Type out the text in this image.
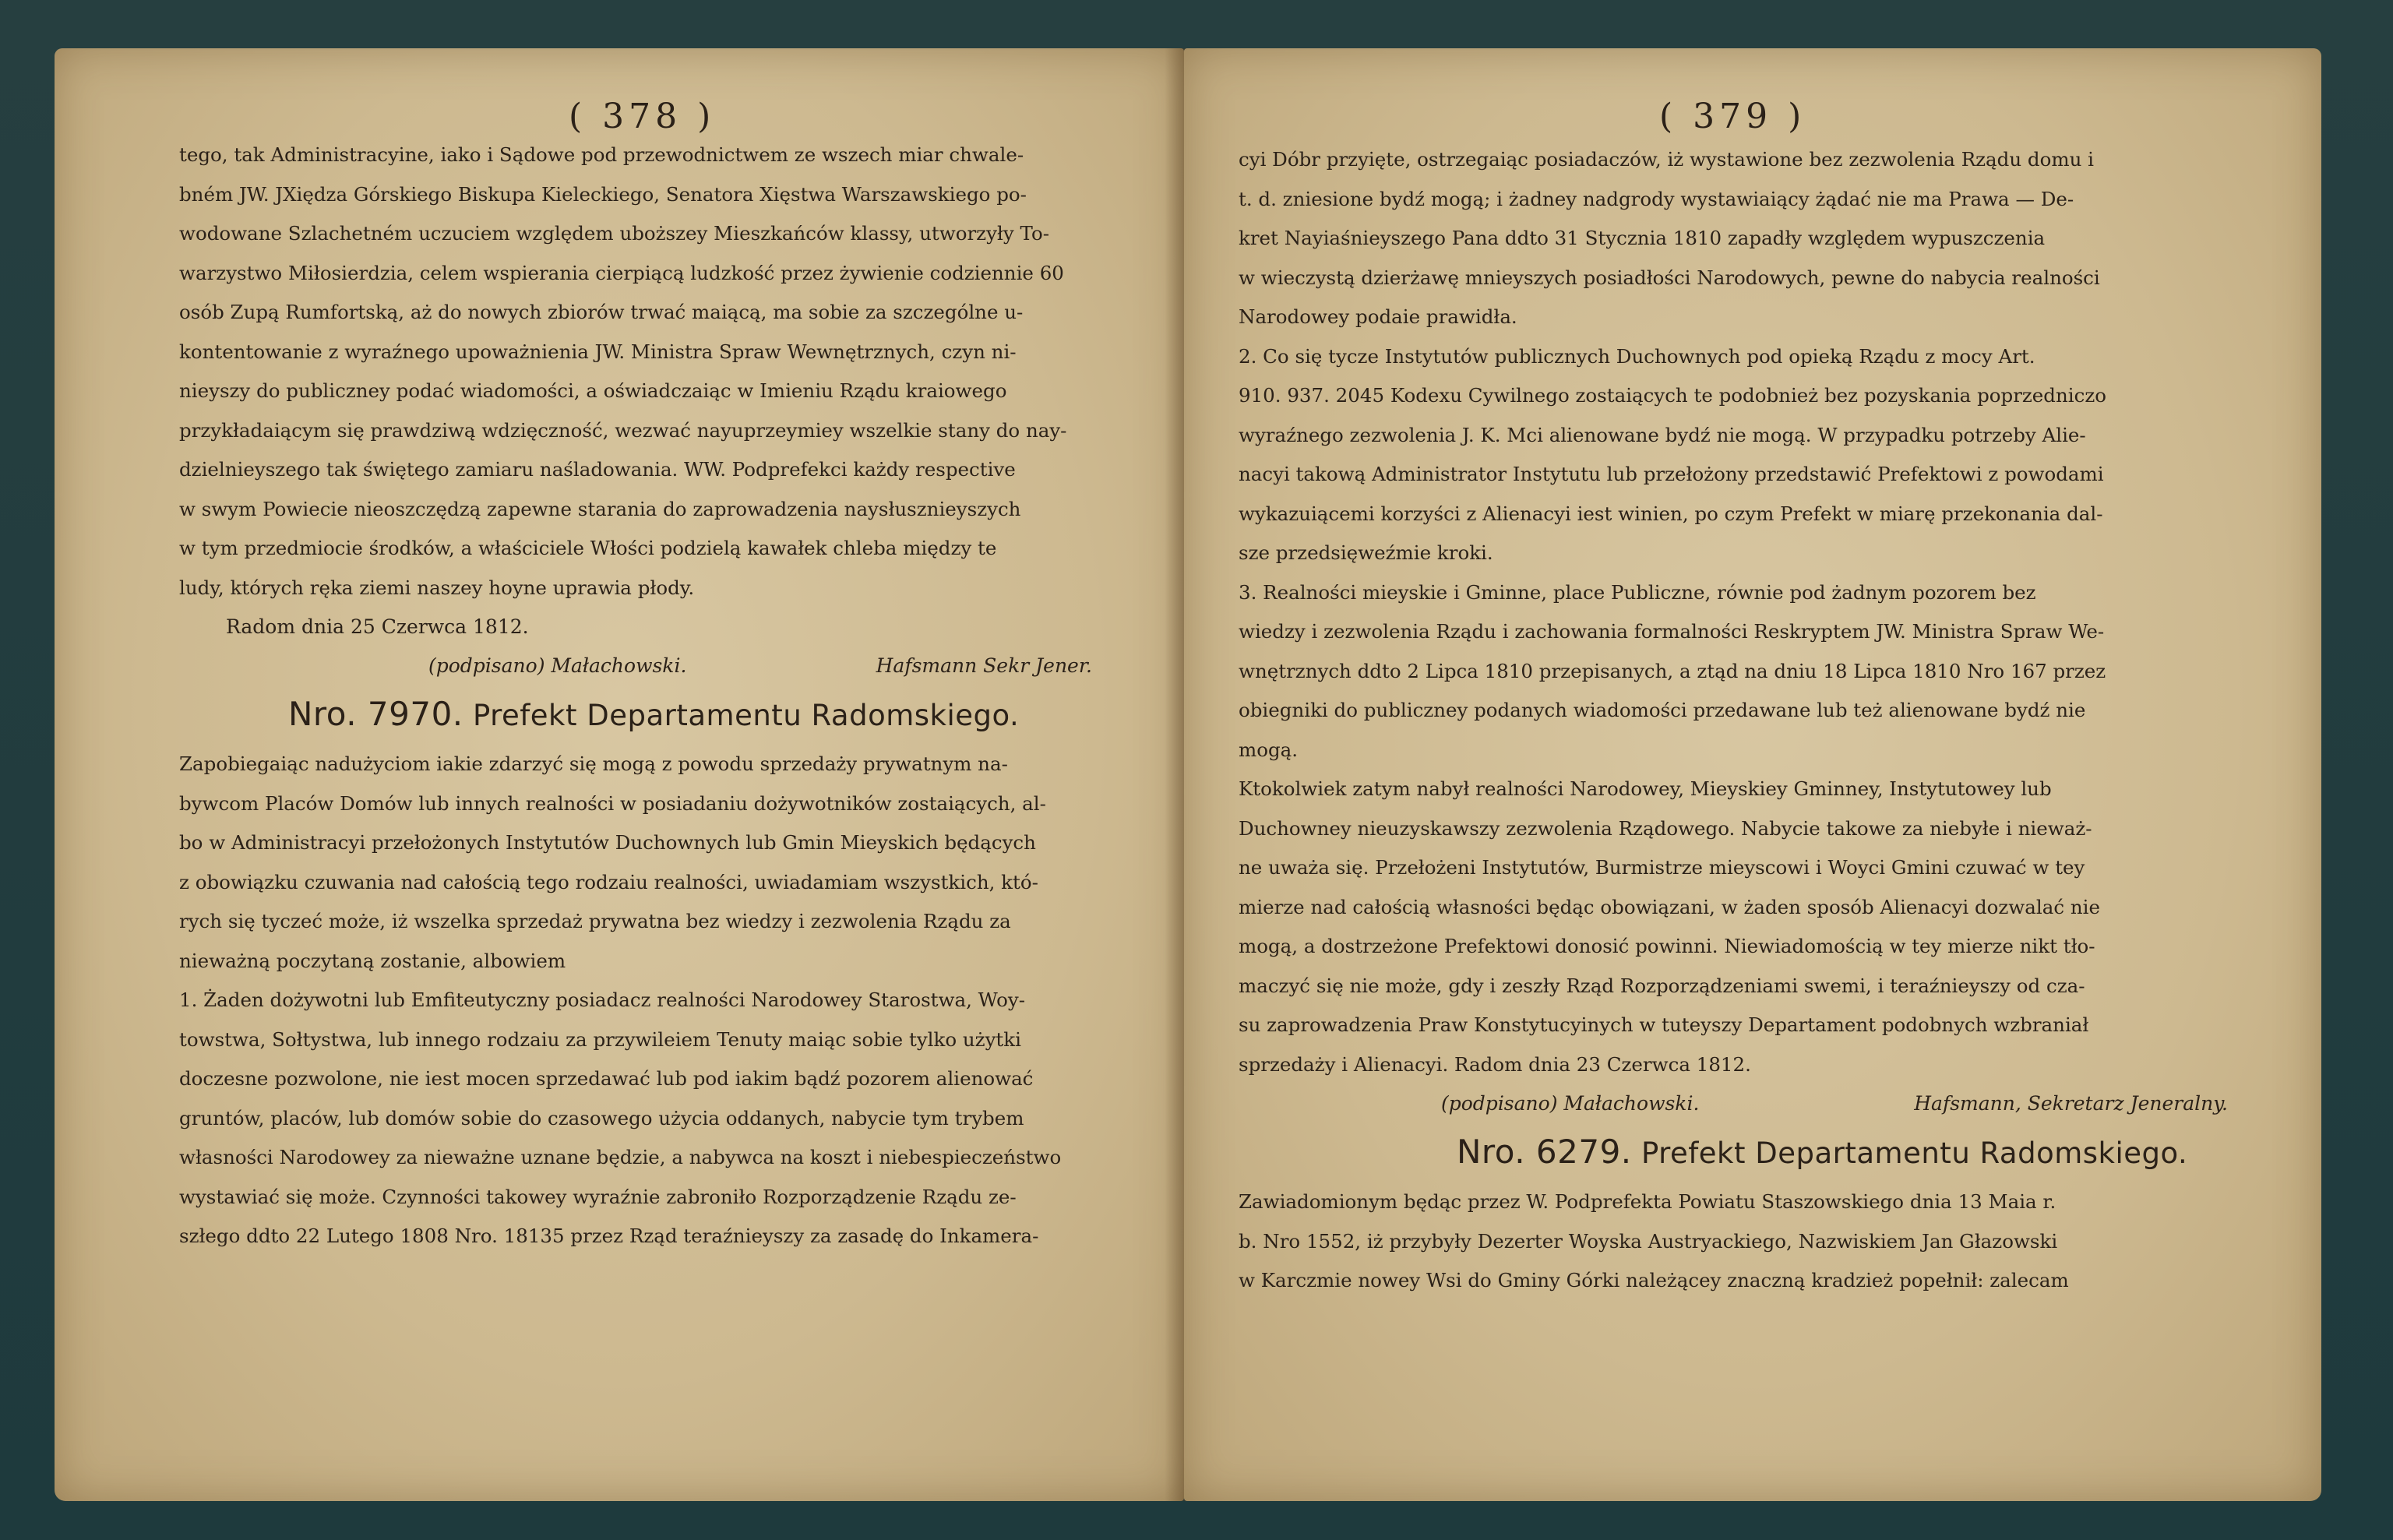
( 378 )
tego, tak Administracyine, iako i Sądowe pod przewodnictwem ze wszech miar chwale-
bném JW. JXiędza Górskiego Biskupa Kieleckiego, Senatora Xięstwa Warszawskiego po-
wodowane Szlachetném uczuciem względem uboższey Mieszkańców klassy, utworzyły To-
warzystwo Miłosierdzia, celem wspierania cierpiącą ludzkość przez żywienie codziennie 60
osób Zupą Rumfortską, aż do nowych zbiorów trwać maiącą, ma sobie za szczególne u-
kontentowanie z wyraźnego upoważnienia JW. Ministra Spraw Wewnętrznych, czyn ni-
nieyszy do publiczney podać wiadomości, a oświadczaiąc w Imieniu Rządu kraiowego
przykładaiącym się prawdziwą wdzięczność, wezwać nayuprzeymiey wszelkie stany do nay-
dzielnieyszego tak świętego zamiaru naśladowania. WW. Podprefekci każdy respective
w swym Powiecie nieoszczędzą zapewne starania do zaprowadzenia naysłusznieyszych
w tym przedmiocie środków, a właściciele Włości podzielą kawałek chleba między te
ludy, których ręka ziemi naszey hoyne uprawia płody.
Radom dnia 25 Czerwca 1812.
(podpisano) Małachowski.	Hafsmann Sekr Jener.
Nro. 7970. Prefekt Departamentu Radomskiego.
Zapobiegaiąc nadużyciom iakie zdarzyć się mogą z powodu sprzedaży prywatnym na-
bywcom Placów Domów lub innych realności w posiadaniu dożywotników zostaiących, al-
bo w Administracyi przełożonych Instytutów Duchownych lub Gmin Mieyskich będących
z obowiązku czuwania nad całością tego rodzaiu realności, uwiadamiam wszystkich, któ-
rych się tyczeć może, iż wszelka sprzedaż prywatna bez wiedzy i zezwolenia Rządu za
nieważną poczytaną zostanie, albowiem
1. Żaden dożywotni lub Emfiteutyczny posiadacz realności Narodowey Starostwa, Woy-
towstwa, Sołtystwa, lub innego rodzaiu za przywileiem Tenuty maiąc sobie tylko użytki
doczesne pozwolone, nie iest mocen sprzedawać lub pod iakim bądź pozorem alienować
gruntów, placów, lub domów sobie do czasowego użycia oddanych, nabycie tym trybem
własności Narodowey za nieważne uznane będzie, a nabywca na koszt i niebespieczeństwo
wystawiać się może. Czynności takowey wyraźnie zabroniło Rozporządzenie Rządu ze-
szłego ddto 22 Lutego 1808 Nro. 18135 przez Rząd teraźnieyszy za zasadę do Inkamera-
( 379 )
cyi Dóbr przyięte, ostrzegaiąc posiadaczów, iż wystawione bez zezwolenia Rządu domu i
t. d. zniesione bydź mogą; i żadney nadgrody wystawiaiący żądać nie ma Prawa — De-
kret Nayiaśnieyszego Pana ddto 31 Stycznia 1810 zapadły względem wypuszczenia
w wieczystą dzierżawę mnieyszych posiadłości Narodowych, pewne do nabycia realności
Narodowey podaie prawidła.
2. Co się tycze Instytutów publicznych Duchownych pod opieką Rządu z mocy Art.
910. 937. 2045 Kodexu Cywilnego zostaiących te podobnież bez pozyskania poprzedniczo
wyraźnego zezwolenia J. K. Mci alienowane bydź nie mogą. W przypadku potrzeby Alie-
nacyi takową Administrator Instytutu lub przełożony przedstawić Prefektowi z powodami
wykazuiącemi korzyści z Alienacyi iest winien, po czym Prefekt w miarę przekonania dal-
sze przedsięweźmie kroki.
3. Realności mieyskie i Gminne, place Publiczne, równie pod żadnym pozorem bez
wiedzy i zezwolenia Rządu i zachowania formalności Reskryptem JW. Ministra Spraw We-
wnętrznych ddto 2 Lipca 1810 przepisanych, a ztąd na dniu 18 Lipca 1810 Nro 167 przez
obiegniki do publiczney podanych wiadomości przedawane lub też alienowane bydź nie
mogą.
Ktokolwiek zatym nabył realności Narodowey, Mieyskiey Gminney, Instytutowey lub
Duchowney nieuzyskawszy zezwolenia Rządowego. Nabycie takowe za niebyłe i nieważ-
ne uważa się. Przełożeni Instytutów, Burmistrze mieyscowi i Woyci Gmini czuwać w tey
mierze nad całością własności będąc obowiązani, w żaden sposób Alienacyi dozwalać nie
mogą, a dostrzeżone Prefektowi donosić powinni. Niewiadomością w tey mierze nikt tło-
maczyć się nie może, gdy i zeszły Rząd Rozporządzeniami swemi, i teraźnieyszy od cza-
su zaprowadzenia Praw Konstytucyinych w tuteyszy Departament podobnych wzbraniał
sprzedaży i Alienacyi. Radom dnia 23 Czerwca 1812.
(podpisano) Małachowski.	Hafsmann, Sekretarz Jeneralny.
Nro. 6279. Prefekt Departamentu Radomskiego.
Zawiadomionym będąc przez W. Podprefekta Powiatu Staszowskiego dnia 13 Maia r.
b. Nro 1552, iż przybyły Dezerter Woyska Austryackiego, Nazwiskiem Jan Głazowski
w Karczmie nowey Wsi do Gminy Górki należącey znaczną kradzież popełnił: zalecam
